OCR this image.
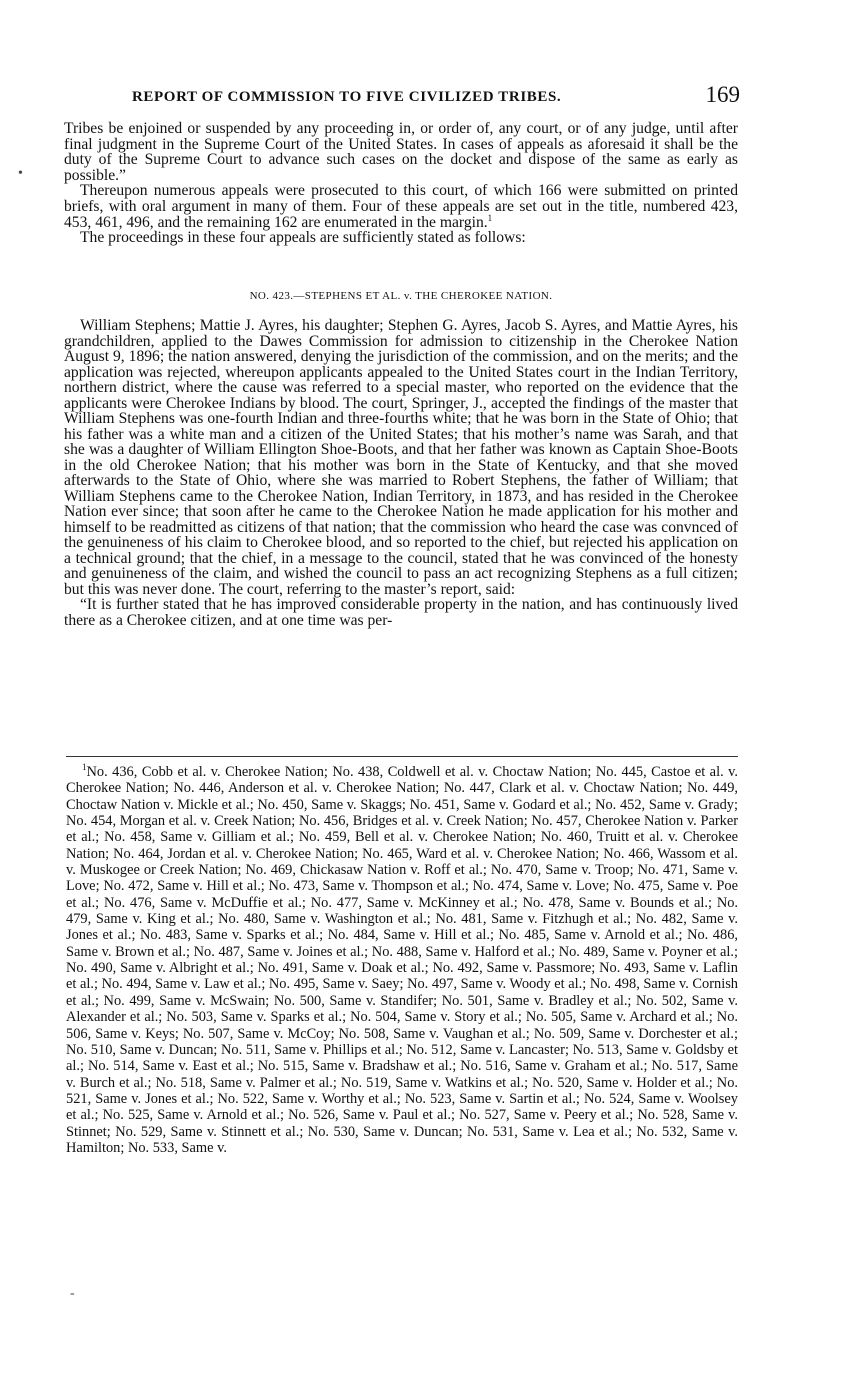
REPORT OF COMMISSION TO FIVE CIVILIZED TRIBES.	169
•

Tribes be enjoined or suspended by any proceeding in, or order of, any court, or of any judge, until after final judgment in the Supreme Court of the United States. In cases of appeals as aforesaid it shall be the duty of the Supreme Court to advance such cases on the docket and dispose of the same as early as possible.”

Thereupon numerous appeals were prosecuted to this court, of which 166 were submitted on printed briefs, with oral argument in many of them. Four of these appeals are set out in the title, numbered 423, 453, 461, 496, and the remaining 162 are enumerated in the margin.$^1$

The proceedings in these four appeals are sufficiently stated as follows:

NO. 423.—STEPHENS ET AL. v. THE CHEROKEE NATION.

William Stephens; Mattie J. Ayres, his daughter; Stephen G. Ayres, Jacob S. Ayres, and Mattie Ayres, his grandchildren, applied to the Dawes Commission for admission to citizenship in the Cherokee Nation August 9, 1896; the nation answered, denying the jurisdiction of the commission, and on the merits; and the application was rejected, whereupon applicants appealed to the United States court in the Indian Territory, northern district, where the cause was referred to a special master, who reported on the evidence that the applicants were Cherokee Indians by blood. The court, Springer, J., accepted the findings of the master that William Stephens was one-fourth Indian and three-fourths white; that he was born in the State of Ohio; that his father was a white man and a citizen of the United States; that his mother’s name was Sarah, and that she was a daughter of William Ellington Shoe-Boots, and that her father was known as Captain Shoe-Boots in the old Cherokee Nation; that his mother was born in the State of Kentucky, and that she moved afterwards to the State of Ohio, where she was married to Robert Stephens, the father of William; that William Stephens came to the Cherokee Nation, Indian Territory, in 1873, and has resided in the Cherokee Nation ever since; that soon after he came to the Cherokee Nation he made application for his mother and himself to be readmitted as citizens of that nation; that the commission who heard the case was convnced of the genuineness of his claim to Cherokee blood, and so reported to the chief, but rejected his application on a technical ground; that the chief, in a message to the council, stated that he was convinced of the honesty and genuineness of the claim, and wished the council to pass an act recognizing Stephens as a full citizen; but this was never done. The court, referring to the master’s report, said:

“It is further stated that he has improved considerable property in the nation, and has continuously lived there as a Cherokee citizen, and at one time was per-

$^1$No. 436, Cobb et al. v. Cherokee Nation; No. 438, Coldwell et al. v. Choctaw Nation; No. 445, Castoe et al. v. Cherokee Nation; No. 446, Anderson et al. v. Cherokee Nation; No. 447, Clark et al. v. Choctaw Nation; No. 449, Choctaw Nation v. Mickle et al.; No. 450, Same v. Skaggs; No. 451, Same v. Godard et al.; No. 452, Same v. Grady; No. 454, Morgan et al. v. Creek Nation; No. 456, Bridges et al. v. Creek Nation; No. 457, Cherokee Nation v. Parker et al.; No. 458, Same v. Gilliam et al.; No. 459, Bell et al. v. Cherokee Nation; No. 460, Truitt et al. v. Cherokee Nation; No. 464, Jordan et al. v. Cherokee Nation; No. 465, Ward et al. v. Cherokee Nation; No. 466, Wassom et al. v. Muskogee or Creek Nation; No. 469, Chickasaw Nation v. Roff et al.; No. 470, Same v. Troop; No. 471, Same v. Love; No. 472, Same v. Hill et al.; No. 473, Same v. Thompson et al.; No. 474, Same v. Love; No. 475, Same v. Poe et al.; No. 476, Same v. McDuffie et al.; No. 477, Same v. McKinney et al.; No. 478, Same v. Bounds et al.; No. 479, Same v. King et al.; No. 480, Same v. Washington et al.; No. 481, Same v. Fitzhugh et al.; No. 482, Same v. Jones et al.; No. 483, Same v. Sparks et al.; No. 484, Same v. Hill et al.; No. 485, Same v. Arnold et al.; No. 486, Same v. Brown et al.; No. 487, Same v. Joines et al.; No. 488, Same v. Halford et al.; No. 489, Same v. Poyner et al.; No. 490, Same v. Albright et al.; No. 491, Same v. Doak et al.; No. 492, Same v. Passmore; No. 493, Same v. Laflin et al.; No. 494, Same v. Law et al.; No. 495, Same v. Saey; No. 497, Same v. Woody et al.; No. 498, Same v. Cornish et al.; No. 499, Same v. McSwain; No. 500, Same v. Standifer; No. 501, Same v. Bradley et al.; No. 502, Same v. Alexander et al.; No. 503, Same v. Sparks et al.; No. 504, Same v. Story et al.; No. 505, Same v. Archard et al.; No. 506, Same v. Keys; No. 507, Same v. McCoy; No. 508, Same v. Vaughan et al.; No. 509, Same v. Dorchester et al.; No. 510, Same v. Duncan; No. 511, Same v. Phillips et al.; No. 512, Same v. Lancaster; No. 513, Same v. Goldsby et al.; No. 514, Same v. East et al.; No. 515, Same v. Bradshaw et al.; No. 516, Same v. Graham et al.; No. 517, Same v. Burch et al.; No. 518, Same v. Palmer et al.; No. 519, Same v. Watkins et al.; No. 520, Same v. Holder et al.; No. 521, Same v. Jones et al.; No. 522, Same v. Worthy et al.; No. 523, Same v. Sartin et al.; No. 524, Same v. Woolsey et al.; No. 525, Same v. Arnold et al.; No. 526, Same v. Paul et al.; No. 527, Same v. Peery et al.; No. 528, Same v. Stinnet; No. 529, Same v. Stinnett et al.; No. 530, Same v. Duncan; No. 531, Same v. Lea et al.; No. 532, Same v. Hamilton; No. 533, Same v.

-
